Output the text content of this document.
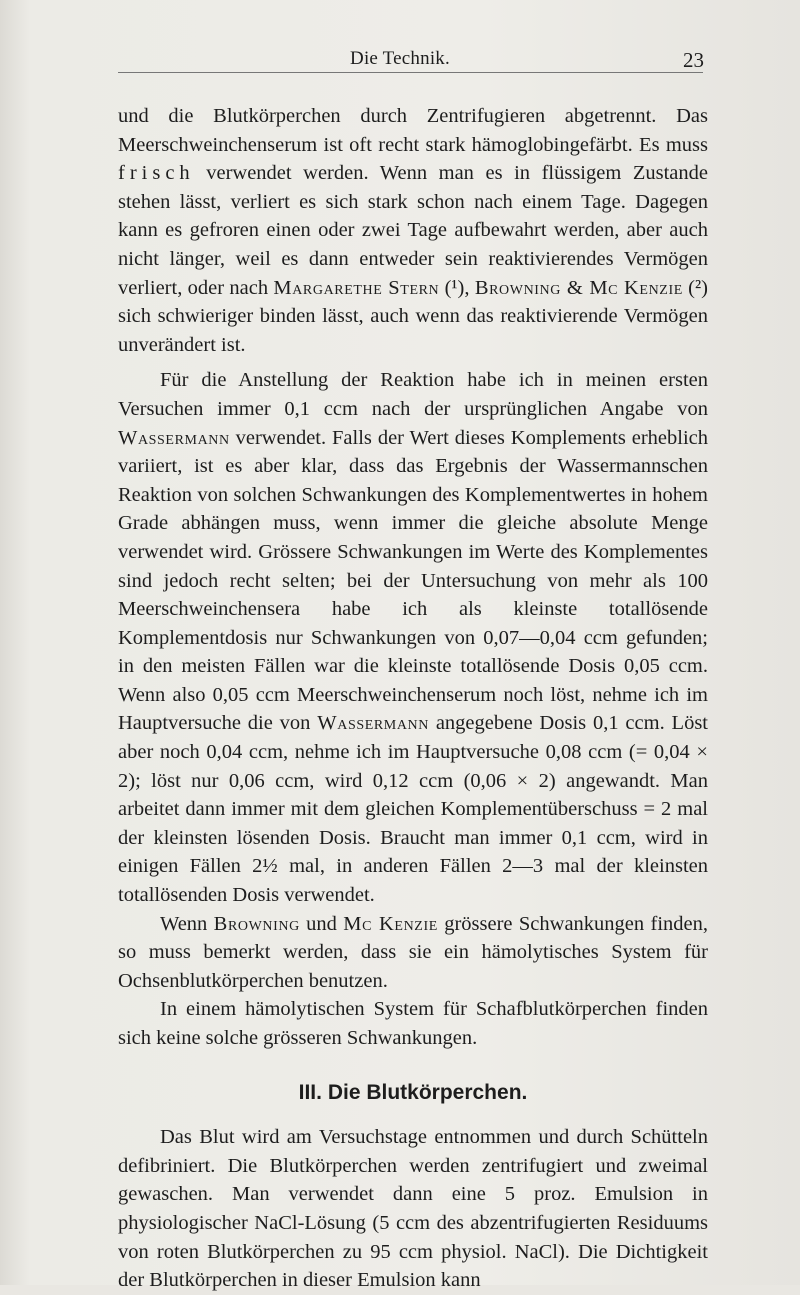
Die Technik.	23

und die Blutkörperchen durch Zentrifugieren abgetrennt. Das Meerschweinchenserum ist oft recht stark hämoglobingefärbt. Es muss frisch verwendet werden. Wenn man es in flüssigem Zustande stehen lässt, verliert es sich stark schon nach einem Tage. Dagegen kann es gefroren einen oder zwei Tage aufbewahrt werden, aber auch nicht länger, weil es dann entweder sein reaktivierendes Vermögen verliert, oder nach Margarethe Stern (¹), Browning & Mc Kenzie (²) sich schwieriger binden lässt, auch wenn das reaktivierende Vermögen unverändert ist.

Für die Anstellung der Reaktion habe ich in meinen ersten Versuchen immer 0,1 ccm nach der ursprünglichen Angabe von Wassermann verwendet. Falls der Wert dieses Komplements erheblich variiert, ist es aber klar, dass das Ergebnis der Wassermannschen Reaktion von solchen Schwankungen des Komplementwertes in hohem Grade abhängen muss, wenn immer die gleiche absolute Menge verwendet wird. Grössere Schwankungen im Werte des Komplementes sind jedoch recht selten; bei der Untersuchung von mehr als 100 Meerschweinchensera habe ich als kleinste totallösende Komplementdosis nur Schwankungen von 0,07—0,04 ccm gefunden; in den meisten Fällen war die kleinste totallösende Dosis 0,05 ccm. Wenn also 0,05 ccm Meerschweinchenserum noch löst, nehme ich im Hauptversuche die von Wassermann angegebene Dosis 0,1 ccm. Löst aber noch 0,04 ccm, nehme ich im Hauptversuche 0,08 ccm (= 0,04 × 2); löst nur 0,06 ccm, wird 0,12 ccm (0,06 × 2) angewandt. Man arbeitet dann immer mit dem gleichen Komplementüberschuss = 2 mal der kleinsten lösenden Dosis. Braucht man immer 0,1 ccm, wird in einigen Fällen 2½ mal, in anderen Fällen 2—3 mal der kleinsten totallösenden Dosis verwendet.

Wenn Browning und Mc Kenzie grössere Schwankungen finden, so muss bemerkt werden, dass sie ein hämolytisches System für Ochsenblutkörperchen benutzen.

In einem hämolytischen System für Schafblutkörperchen finden sich keine solche grösseren Schwankungen.

III. Die Blutkörperchen.

Das Blut wird am Versuchstage entnommen und durch Schütteln defibriniert. Die Blutkörperchen werden zentrifugiert und zweimal gewaschen. Man verwendet dann eine 5 proz. Emulsion in physiologischer NaCl-Lösung (5 ccm des abzentrifugierten Residuums von roten Blutkörperchen zu 95 ccm physiol. NaCl). Die Dichtigkeit der Blutkörperchen in dieser Emulsion kann
